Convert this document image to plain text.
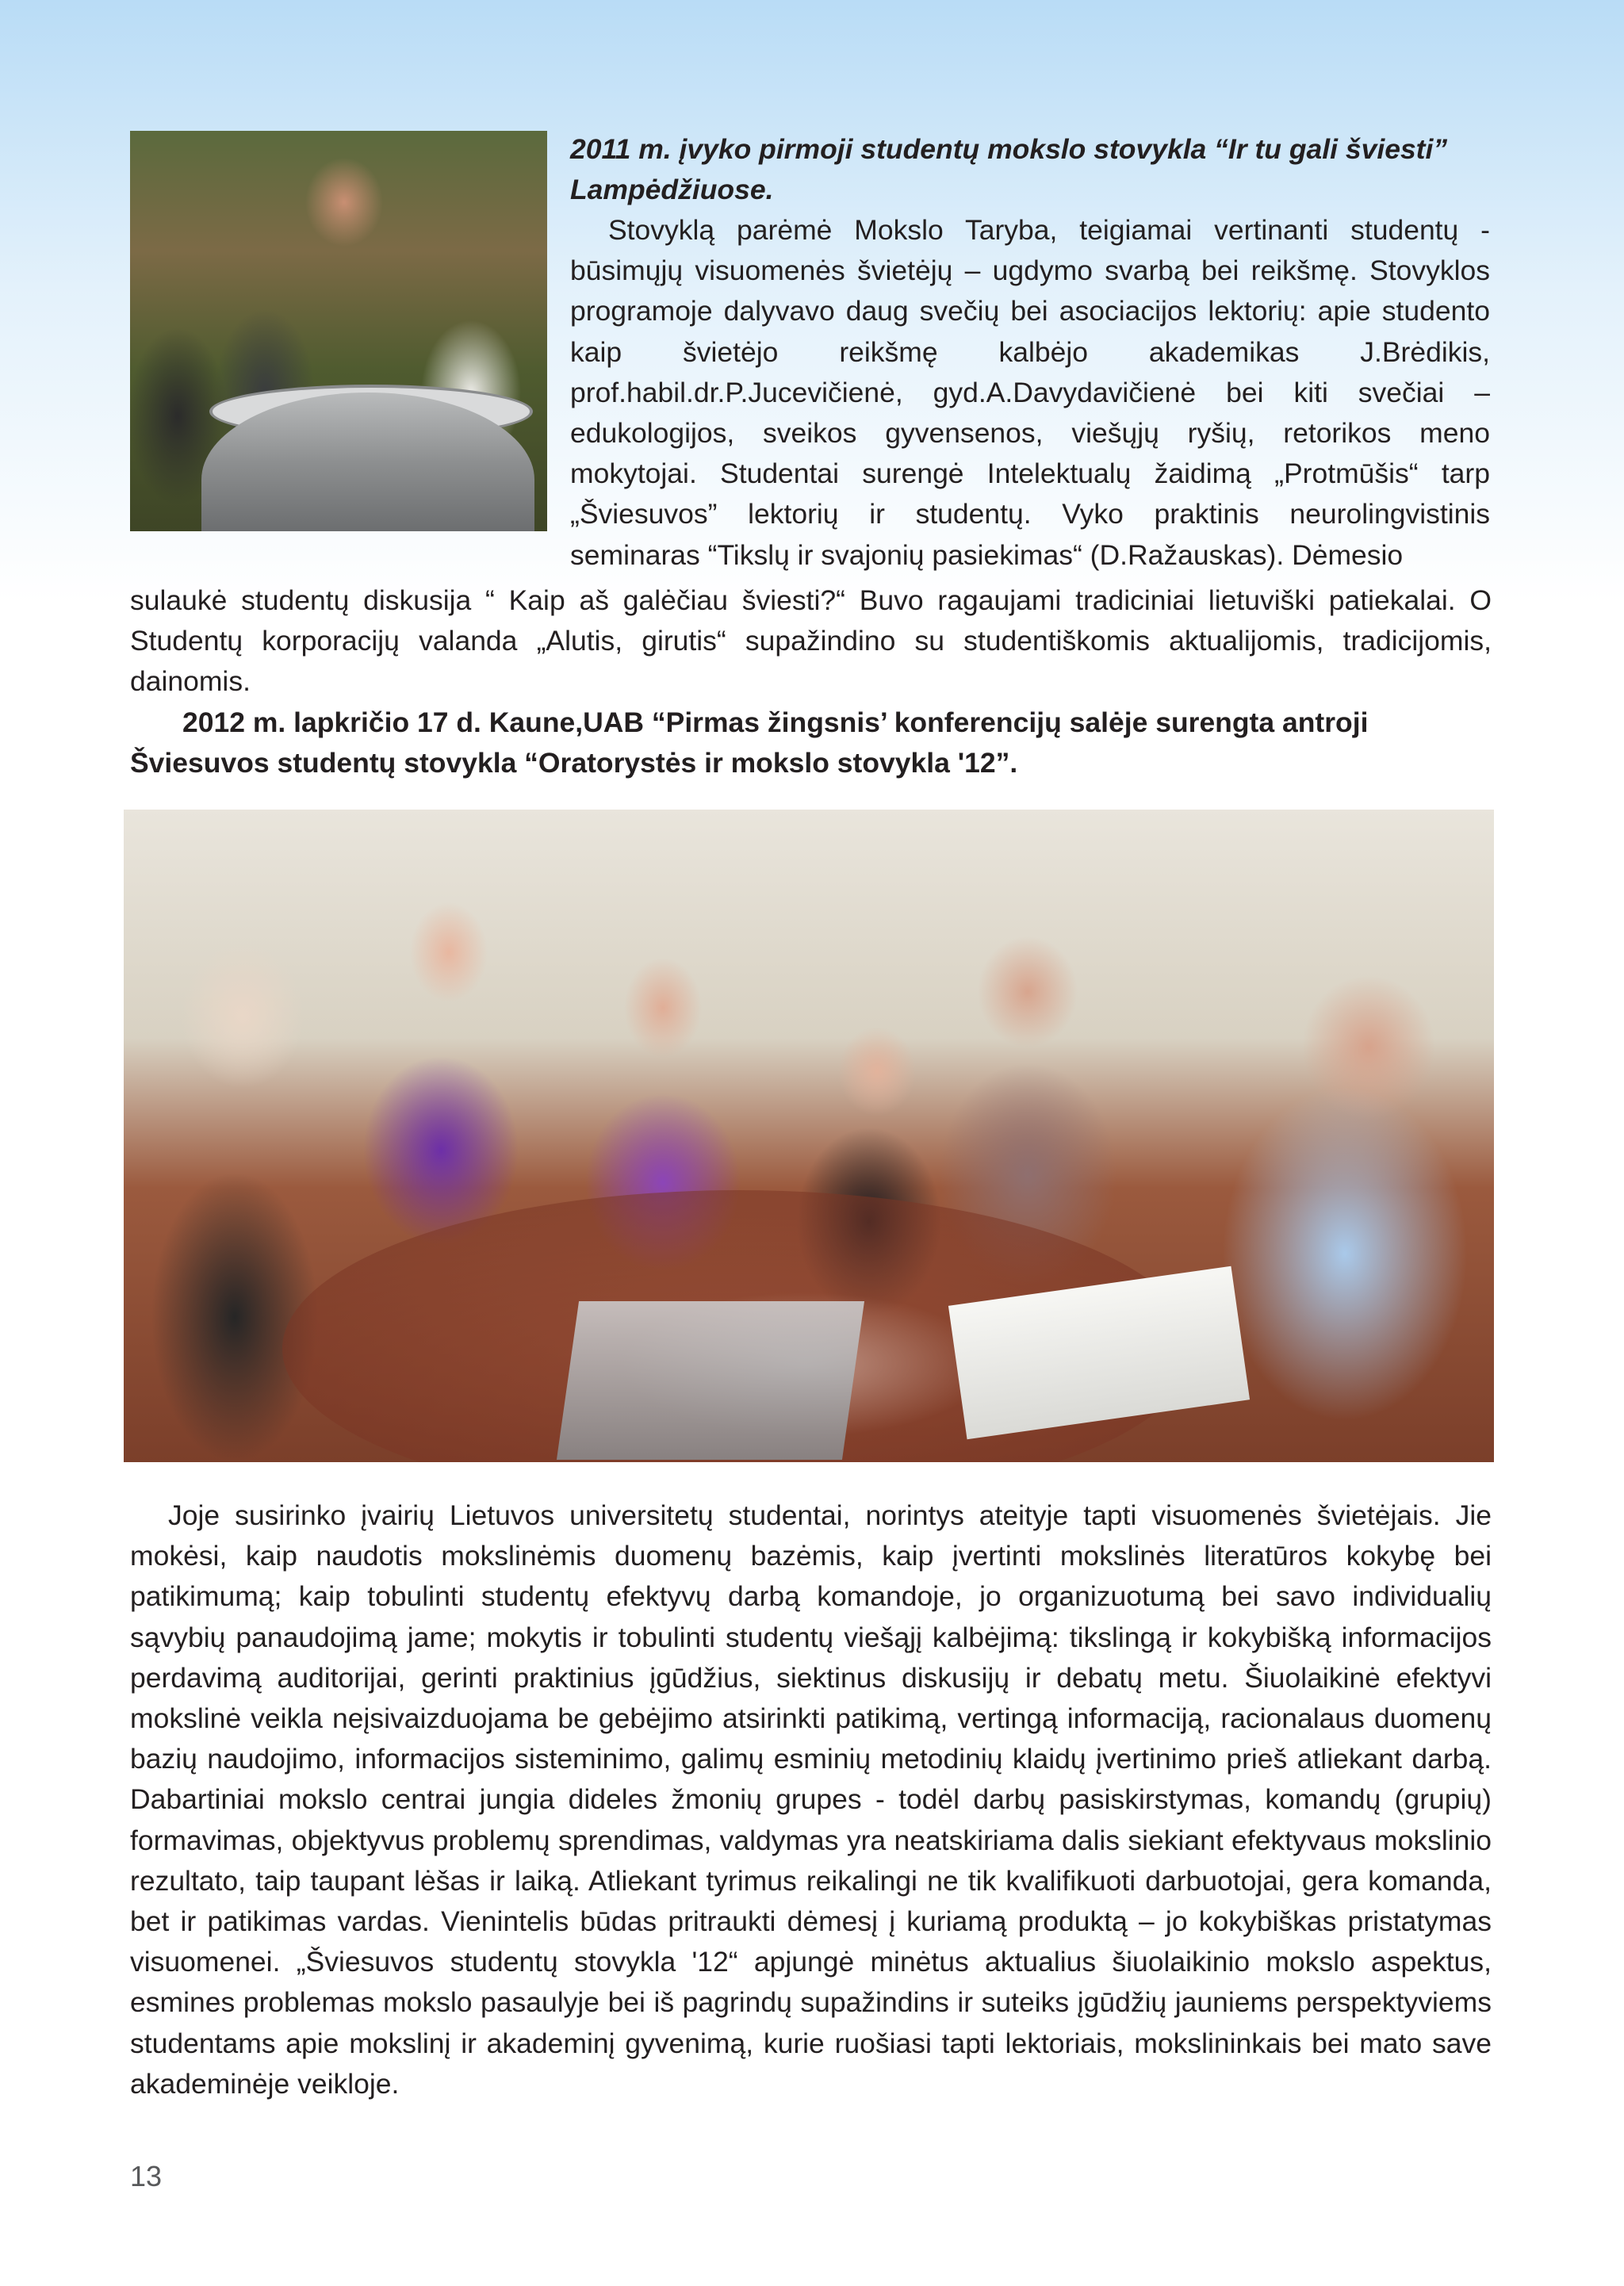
2011 m. įvyko pirmoji studentų mokslo stovykla “Ir tu gali šviesti”

Lampėdžiuose.

Stovyklą parėmė Mokslo Taryba, teigiamai vertinanti studentų - būsimųjų visuomenės švietėjų – ugdymo svarbą bei reikšmę. Stovyklos programoje dalyvavo daug svečių bei asociacijos lektorių: apie studento kaip švietėjo reikšmę kalbėjo akademikas J.Brėdikis, prof.habil.dr.P.Jucevičienė, gyd.A.Davydavičienė bei kiti svečiai – edukologijos, sveikos gyvensenos, viešųjų ryšių, retorikos meno mokytojai. Studentai surengė Intelektualų žaidimą „Protmūšis“ tarp „Šviesuvos” lektorių ir studentų. Vyko praktinis neurolingvistinis seminaras “Tikslų ir svajonių pasiekimas“ (D.Ražauskas). Dėmesio

sulaukė studentų diskusija “ Kaip aš galėčiau šviesti?“ Buvo ragaujami tradiciniai lietuviški patiekalai. O Studentų korporacijų valanda „Alutis, girutis“ supažindino su studentiškomis aktualijomis, tradicijomis, dainomis.

2012 m. lapkričio 17 d. Kaune,UAB “Pirmas žingsnis’ konferencijų salėje surengta antroji
Šviesuvos studentų stovykla “Oratorystės ir mokslo stovykla '12”.

Joje susirinko įvairių Lietuvos universitetų studentai, norintys ateityje tapti visuomenės švietėjais. Jie mokėsi, kaip naudotis mokslinėmis duomenų bazėmis, kaip įvertinti mokslinės literatūros kokybę bei patikimumą; kaip tobulinti studentų efektyvų darbą komandoje, jo organizuotumą bei savo individualių sąvybių panaudojimą jame; mokytis ir tobulinti studentų viešąjį kalbėjimą: tikslingą ir kokybišką informacijos perdavimą auditorijai, gerinti praktinius įgūdžius, siektinus diskusijų ir debatų metu. Šiuolaikinė efektyvi mokslinė veikla neįsivaizduojama be gebėjimo atsirinkti patikimą, vertingą informaciją, racionalaus duomenų bazių naudojimo, informacijos sisteminimo, galimų esminių metodinių klaidų įvertinimo prieš atliekant darbą. Dabartiniai mokslo centrai jungia dideles žmonių grupes - todėl darbų pasiskirstymas, komandų (grupių) formavimas, objektyvus problemų sprendimas, valdymas yra neatskiriama dalis siekiant efektyvaus mokslinio rezultato, taip taupant lėšas ir laiką. Atliekant tyrimus reikalingi ne tik kvalifikuoti darbuotojai, gera komanda, bet ir patikimas vardas. Vienintelis būdas pritraukti dėmesį į kuriamą produktą – jo kokybiškas pristatymas visuomenei. „Šviesuvos studentų stovykla '12“ apjungė minėtus aktualius šiuolaikinio mokslo aspektus, esmines problemas mokslo pasaulyje bei iš pagrindų supažindins ir suteiks įgūdžių jauniems perspektyviems studentams apie mokslinį ir akademinį gyvenimą, kurie ruošiasi tapti lektoriais, mokslininkais bei mato save akademinėje veikloje.

13
